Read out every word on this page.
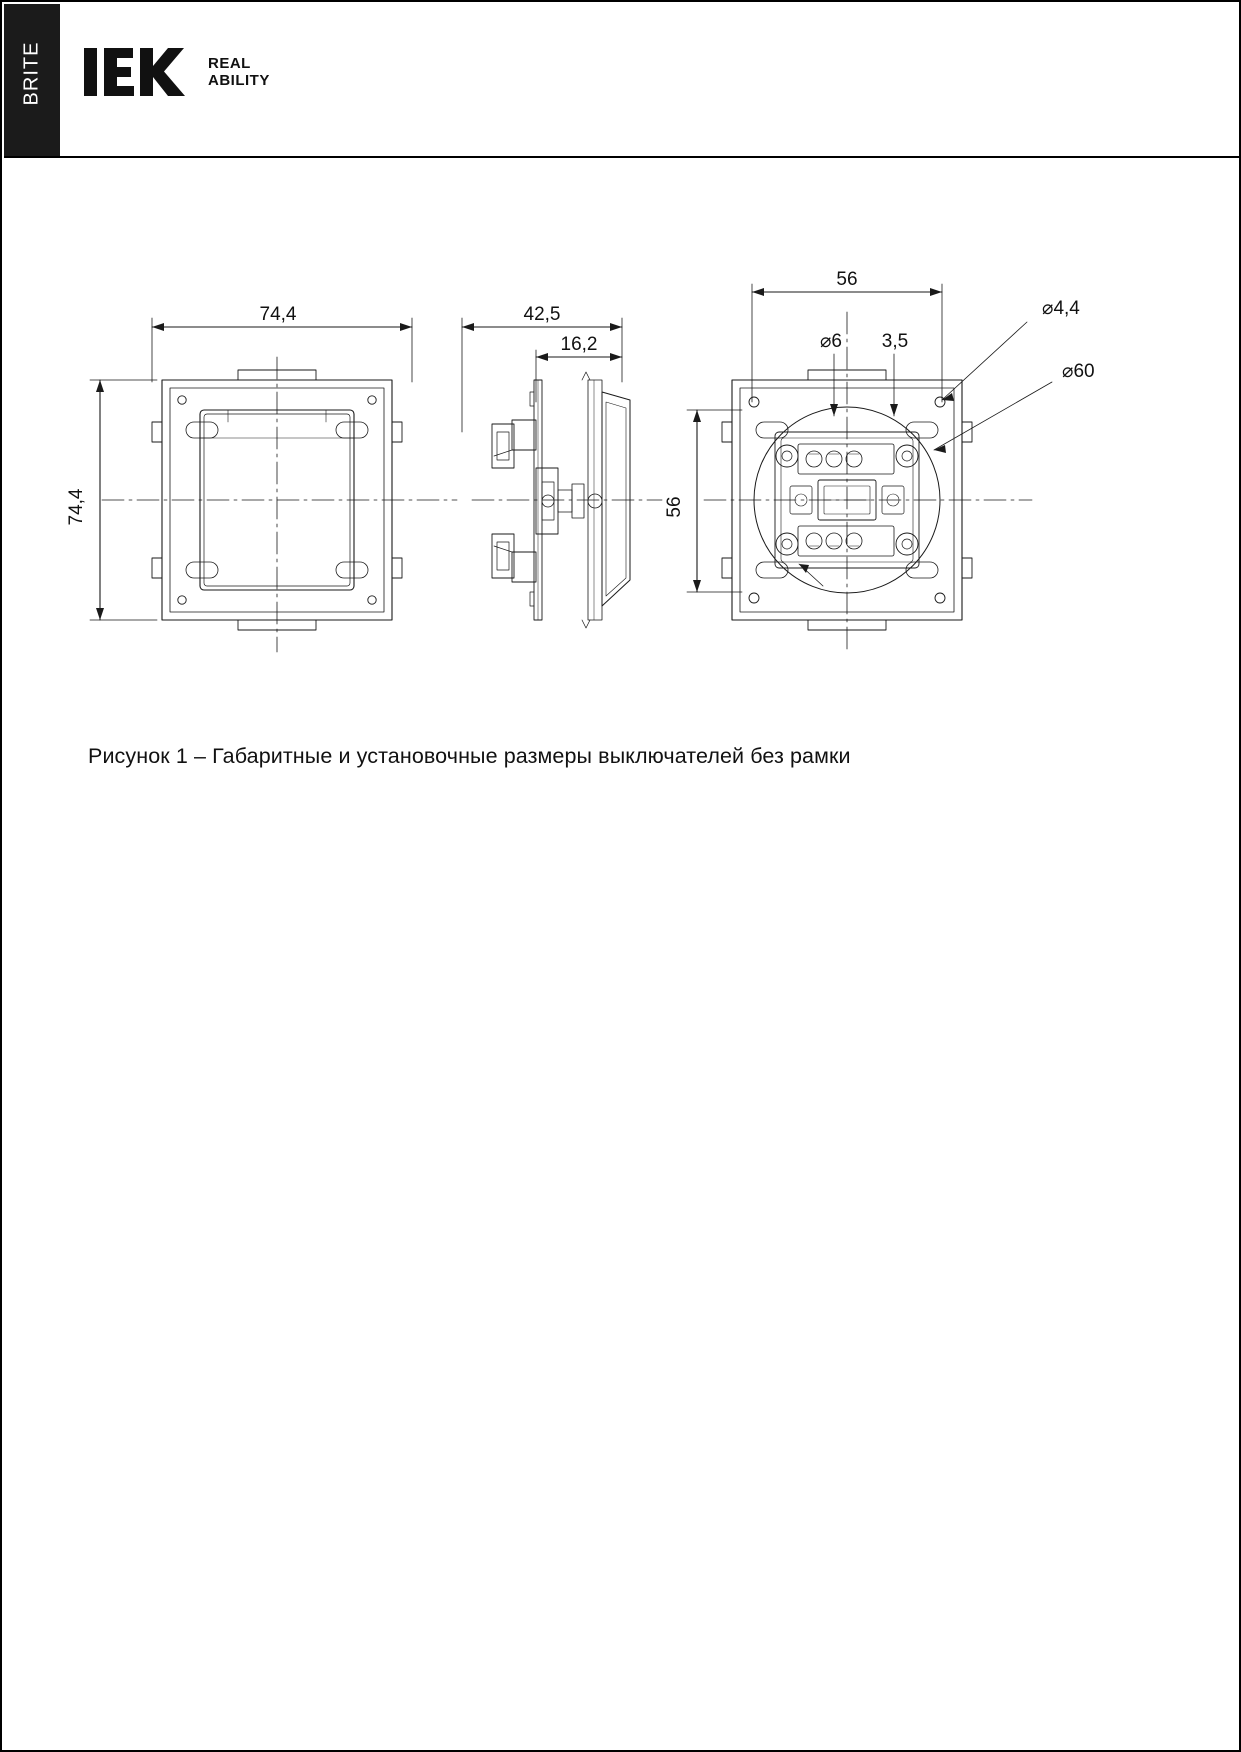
BRITE	REAL
ABILITY
74,4
74,4
42,5
16,2
56
56
3,5
⌀6
⌀4,4
⌀60
Рисунок 1 – Габаритные и установочные размеры выключателей без рамки
